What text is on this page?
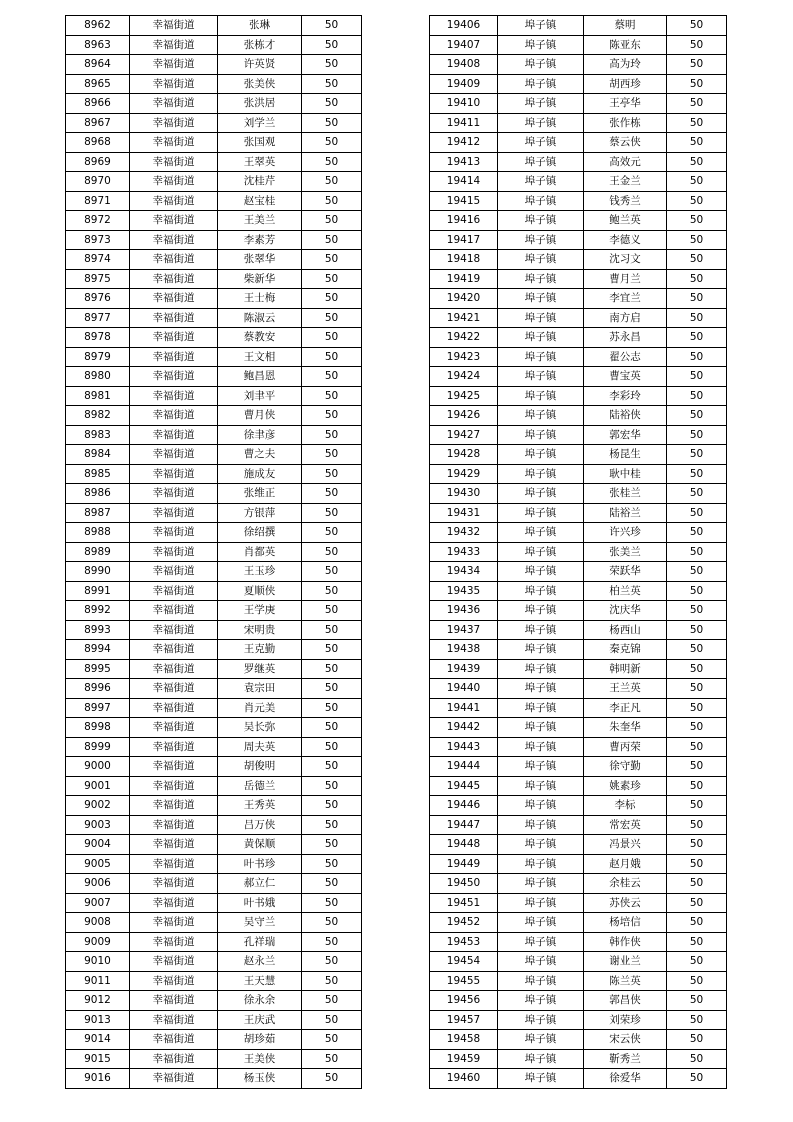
8962	幸福街道	张琳	50
8963	幸福街道	张栋才	50
8964	幸福街道	许英贤	50
8965	幸福街道	张美侠	50
8966	幸福街道	张洪居	50
8967	幸福街道	刘学兰	50
8968	幸福街道	张国观	50
8969	幸福街道	王翠英	50
8970	幸福街道	沈桂芹	50
8971	幸福街道	赵宝桂	50
8972	幸福街道	王美兰	50
8973	幸福街道	李素芳	50
8974	幸福街道	张翠华	50
8975	幸福街道	柴新华	50
8976	幸福街道	王士梅	50
8977	幸福街道	陈淑云	50
8978	幸福街道	蔡教安	50
8979	幸福街道	王文相	50
8980	幸福街道	鲍昌恩	50
8981	幸福街道	刘聿平	50
8982	幸福街道	曹月侠	50
8983	幸福街道	徐聿彦	50
8984	幸福街道	曹之夫	50
8985	幸福街道	施成友	50
8986	幸福街道	张维正	50
8987	幸福街道	方银萍	50
8988	幸福街道	徐绍撰	50
8989	幸福街道	肖都英	50
8990	幸福街道	王玉珍	50
8991	幸福街道	夏顺侠	50
8992	幸福街道	王学庚	50
8993	幸福街道	宋明贵	50
8994	幸福街道	王克勤	50
8995	幸福街道	罗继英	50
8996	幸福街道	袁宗田	50
8997	幸福街道	肖元美	50
8998	幸福街道	吴长弥	50
8999	幸福街道	周夫英	50
9000	幸福街道	胡俊明	50
9001	幸福街道	岳德兰	50
9002	幸福街道	王秀英	50
9003	幸福街道	吕万侠	50
9004	幸福街道	黄保顺	50
9005	幸福街道	叶书珍	50
9006	幸福街道	郝立仁	50
9007	幸福街道	叶书娥	50
9008	幸福街道	吴守兰	50
9009	幸福街道	孔祥瑞	50
9010	幸福街道	赵永兰	50
9011	幸福街道	王天慧	50
9012	幸福街道	徐永余	50
9013	幸福街道	王庆武	50
9014	幸福街道	胡珍茹	50
9015	幸福街道	王美侠	50
9016	幸福街道	杨玉侠	50
19406	埠子镇	蔡明	50
19407	埠子镇	陈亚东	50
19408	埠子镇	高为玲	50
19409	埠子镇	胡西珍	50
19410	埠子镇	王亭华	50
19411	埠子镇	张作栋	50
19412	埠子镇	蔡云侠	50
19413	埠子镇	高效元	50
19414	埠子镇	王金兰	50
19415	埠子镇	钱秀兰	50
19416	埠子镇	鲍兰英	50
19417	埠子镇	李德义	50
19418	埠子镇	沈习文	50
19419	埠子镇	曹月兰	50
19420	埠子镇	李宜兰	50
19421	埠子镇	南方启	50
19422	埠子镇	苏永昌	50
19423	埠子镇	翟公志	50
19424	埠子镇	曹宝英	50
19425	埠子镇	李彩玲	50
19426	埠子镇	陆裕侠	50
19427	埠子镇	郭宏华	50
19428	埠子镇	杨昆生	50
19429	埠子镇	耿中桂	50
19430	埠子镇	张桂兰	50
19431	埠子镇	陆裕兰	50
19432	埠子镇	许兴珍	50
19433	埠子镇	张美兰	50
19434	埠子镇	荣跃华	50
19435	埠子镇	柏兰英	50
19436	埠子镇	沈庆华	50
19437	埠子镇	杨西山	50
19438	埠子镇	秦克锦	50
19439	埠子镇	韩明新	50
19440	埠子镇	王兰英	50
19441	埠子镇	李正凡	50
19442	埠子镇	朱奎华	50
19443	埠子镇	曹丙荣	50
19444	埠子镇	徐守勤	50
19445	埠子镇	姚素珍	50
19446	埠子镇	李标	50
19447	埠子镇	常宏英	50
19448	埠子镇	冯景兴	50
19449	埠子镇	赵月娥	50
19450	埠子镇	余桂云	50
19451	埠子镇	苏侠云	50
19452	埠子镇	杨培信	50
19453	埠子镇	韩作侠	50
19454	埠子镇	谢业兰	50
19455	埠子镇	陈兰英	50
19456	埠子镇	郭昌侠	50
19457	埠子镇	刘荣珍	50
19458	埠子镇	宋云侠	50
19459	埠子镇	靳秀兰	50
19460	埠子镇	徐爱华	50
